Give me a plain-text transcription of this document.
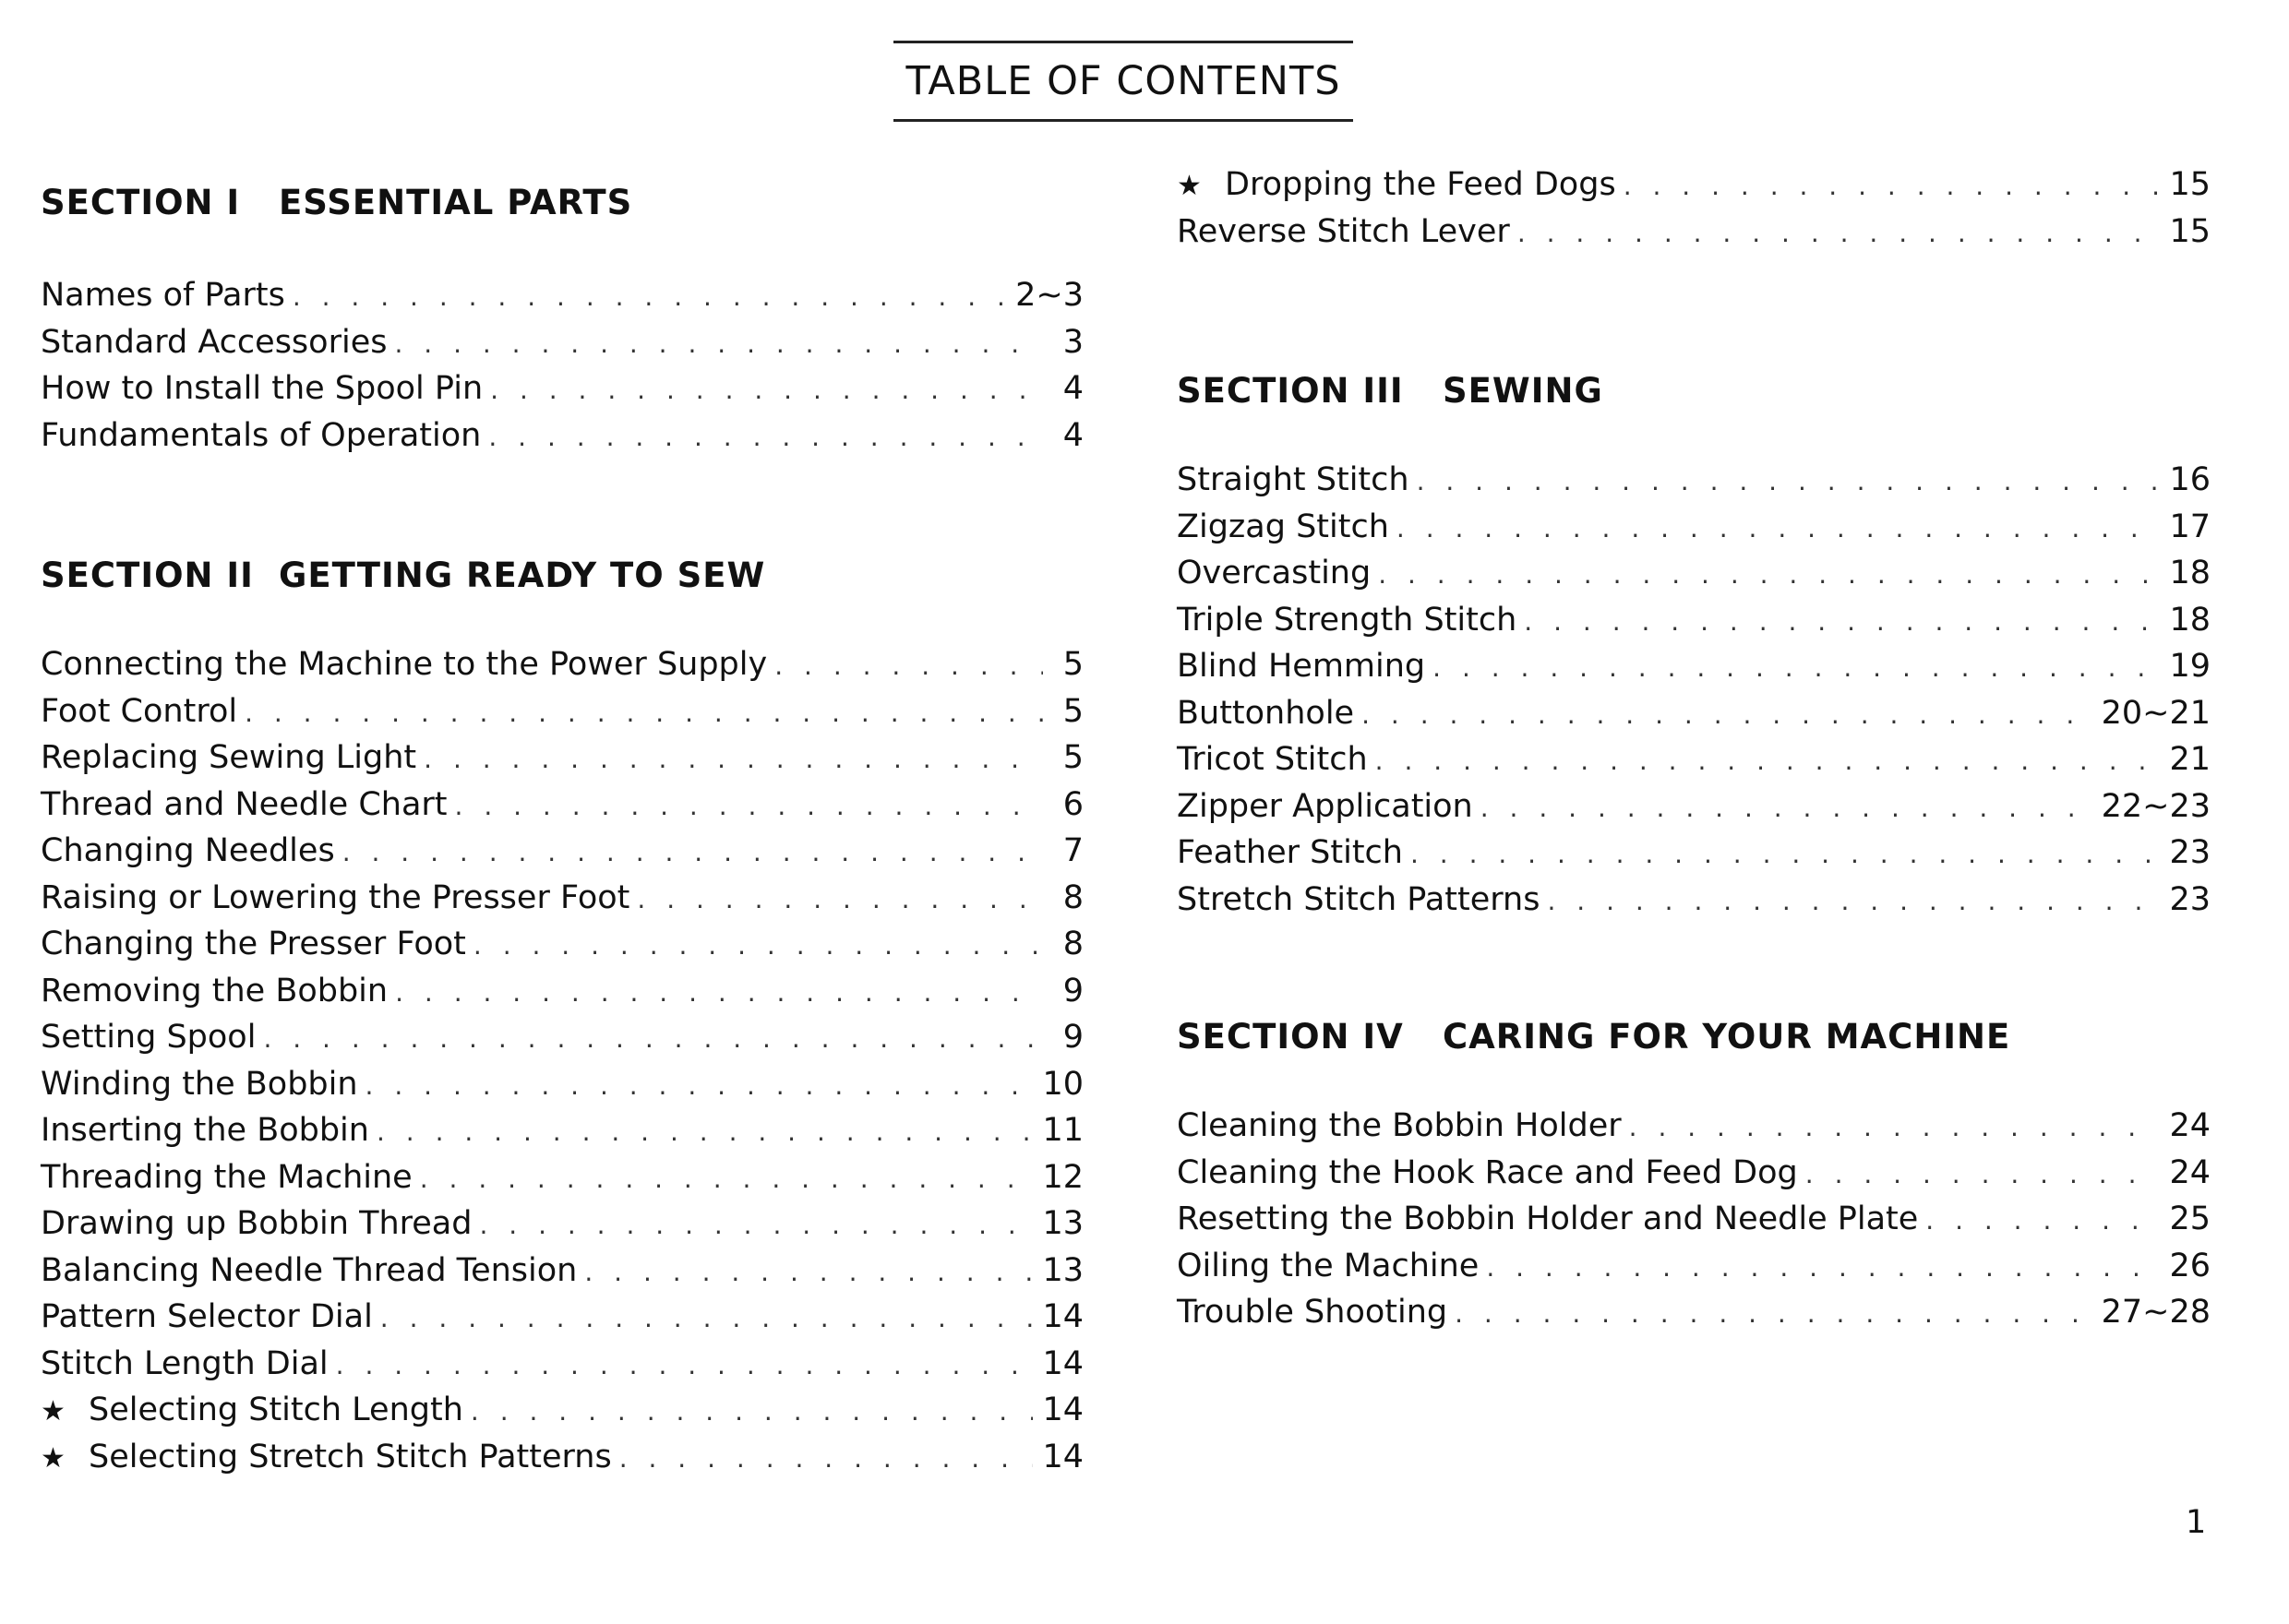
TABLE OF CONTENTS
SECTION I ESSENTIAL PARTS
Names of Parts . . .	2~3
Standard Accessories . . .	3
How to Install the Spool Pin . . .	4
Fundamentals of Operation . . .	4
SECTION II GETTING READY TO SEW
Connecting the Machine to the Power Supply . . .	5
Foot Control . . .	5
Replacing Sewing Light . . .	5
Thread and Needle Chart . . .	6
Changing Needles . . .	7
Raising or Lowering the Presser Foot . . .	8
Changing the Presser Foot . . .	8
Removing the Bobbin . . .	9
Setting Spool . . .	9
Winding the Bobbin . . .	10
Inserting the Bobbin . . .	11
Threading the Machine . . .	12
Drawing up Bobbin Thread . . .	13
Balancing Needle Thread Tension . . .	13
Pattern Selector Dial . . .	14
Stitch Length Dial . . .	14
★ Selecting Stitch Length . . .	14
★ Selecting Stretch Stitch Patterns . . .	14
★ Dropping the Feed Dogs . . .	15
Reverse Stitch Lever . . .	15
SECTION III SEWING
Straight Stitch . . .	16
Zigzag Stitch . . .	17
Overcasting . . .	18
Triple Strength Stitch . . .	18
Blind Hemming . . .	19
Buttonhole . . .	20~21
Tricot Stitch . . .	21
Zipper Application . . .	22~23
Feather Stitch . . .	23
Stretch Stitch Patterns . . .	23
SECTION IV CARING FOR YOUR MACHINE
Cleaning the Bobbin Holder . . .	24
Cleaning the Hook Race and Feed Dog . . .	24
Resetting the Bobbin Holder and Needle Plate . . .	25
Oiling the Machine . . .	26
Trouble Shooting . . .	27~28
1
